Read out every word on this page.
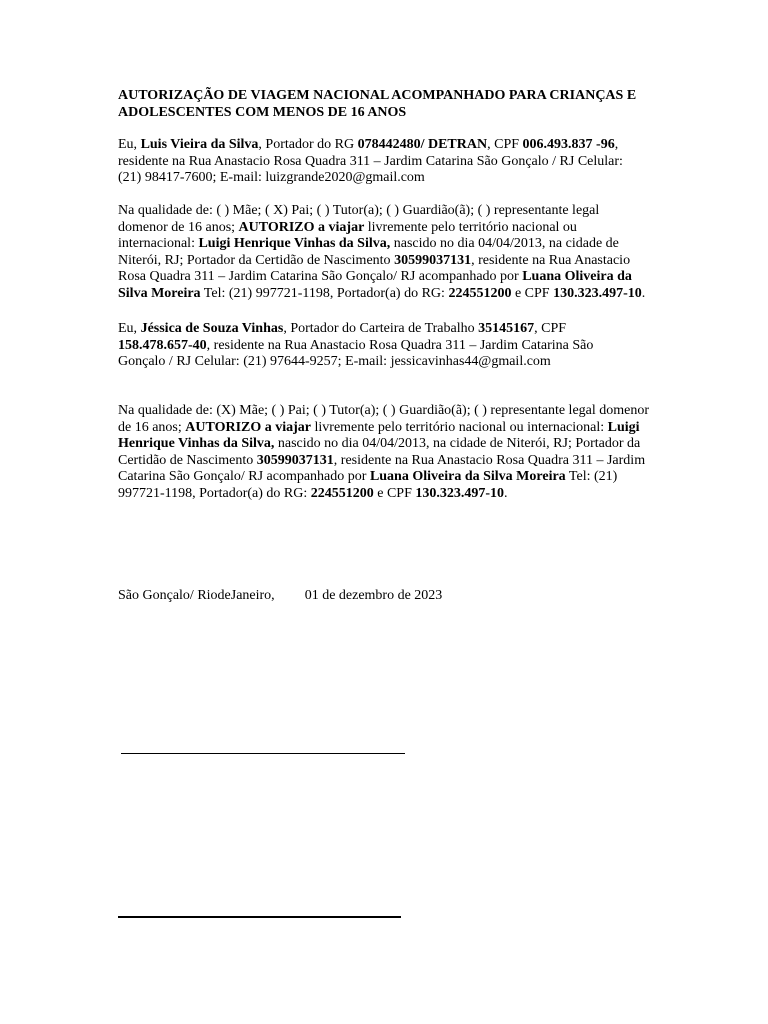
AUTORIZAÇÃO DE VIAGEM NACIONAL ACOMPANHADO PARA CRIANÇAS E
ADOLESCENTES COM MENOS DE 16 ANOS
Eu, Luis Vieira da Silva, Portador do RG 078442480/ DETRAN, CPF 006.493.837 -96,
residente na Rua Anastacio Rosa Quadra 311 – Jardim Catarina São Gonçalo / RJ Celular:
(21) 98417-7600; E-mail: luizgrande2020@gmail.com
Na qualidade de: ( ) Mãe; ( X) Pai; ( ) Tutor(a); ( ) Guardião(ã); ( ) representante legal
domenor de 16 anos; AUTORIZO a viajar livremente pelo território nacional ou
internacional: Luigi Henrique Vinhas da Silva, nascido no dia 04/04/2013, na cidade de
Niterói, RJ; Portador da Certidão de Nascimento 30599037131, residente na Rua Anastacio
Rosa Quadra 311 – Jardim Catarina São Gonçalo/ RJ acompanhado por Luana Oliveira da
Silva Moreira Tel: (21) 997721-1198, Portador(a) do RG: 224551200 e CPF 130.323.497-10.
Eu, Jéssica de Souza Vinhas, Portador do Carteira de Trabalho 35145167, CPF
158.478.657-40, residente na Rua Anastacio Rosa Quadra 311 – Jardim Catarina São
Gonçalo / RJ Celular: (21) 97644-9257; E-mail: jessicavinhas44@gmail.com
Na qualidade de: (X) Mãe; ( ) Pai; ( ) Tutor(a); ( ) Guardião(ã); ( ) representante legal domenor
de 16 anos; AUTORIZO a viajar livremente pelo território nacional ou internacional: Luigi
Henrique Vinhas da Silva, nascido no dia 04/04/2013, na cidade de Niterói, RJ; Portador da
Certidão de Nascimento 30599037131, residente na Rua Anastacio Rosa Quadra 311 – Jardim
Catarina São Gonçalo/ RJ acompanhado por Luana Oliveira da Silva Moreira Tel: (21)
997721-1198, Portador(a) do RG: 224551200 e CPF 130.323.497-10.
São Gonçalo/ RiodeJaneiro, 01 de dezembro de 2023
